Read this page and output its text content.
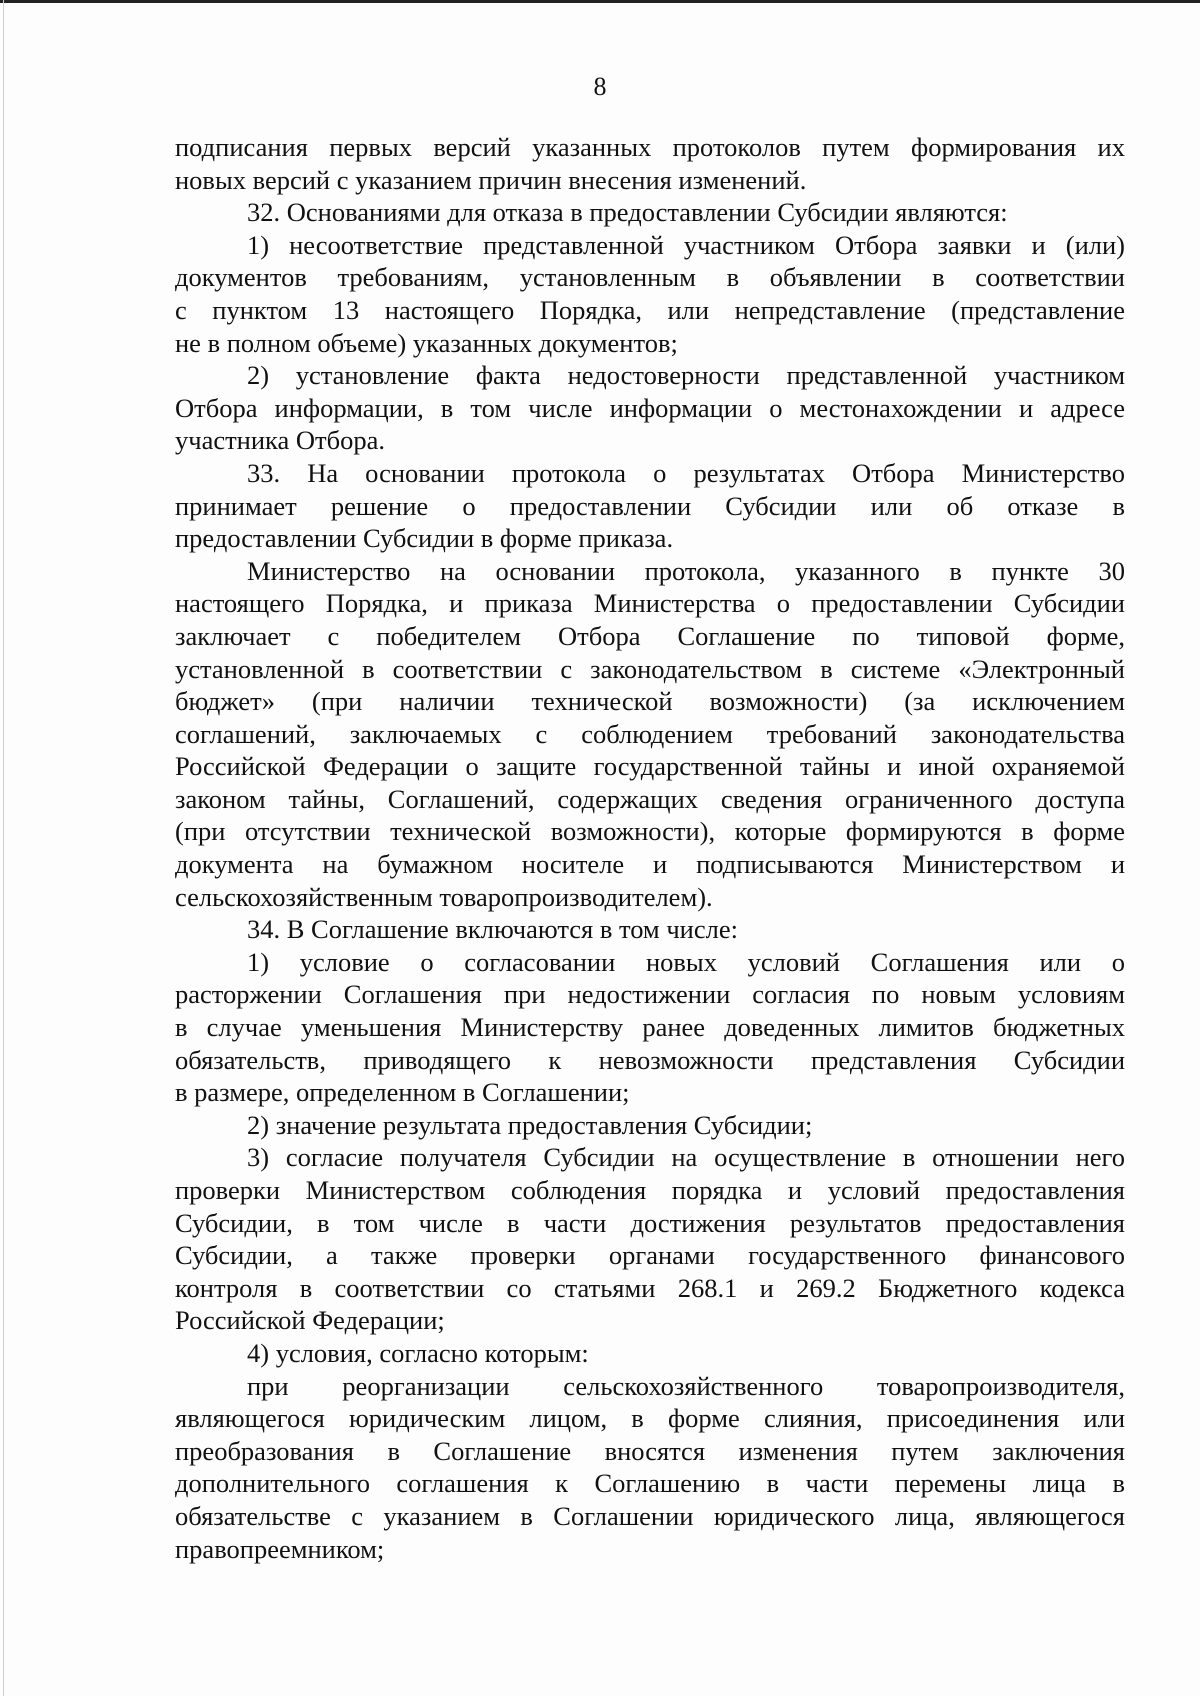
8
подписания первых версий указанных протоколов путем формирования их
новых версий с указанием причин внесения изменений.
32. Основаниями для отказа в предоставлении Субсидии являются:
1) несоответствие представленной участником Отбора заявки и (или)
документов требованиям, установленным в объявлении в соответствии
с пунктом 13 настоящего Порядка, или непредставление (представление
не в полном объеме) указанных документов;
2) установление факта недостоверности представленной участником
Отбора информации, в том числе информации о местонахождении и адресе
участника Отбора.
33. На основании протокола о результатах Отбора Министерство
принимает решение о предоставлении Субсидии или об отказе в
предоставлении Субсидии в форме приказа.
Министерство на основании протокола, указанного в пункте 30
настоящего Порядка, и приказа Министерства о предоставлении Субсидии
заключает с победителем Отбора Соглашение по типовой форме,
установленной в соответствии с законодательством в системе «Электронный
бюджет» (при наличии технической возможности) (за исключением
соглашений, заключаемых с соблюдением требований законодательства
Российской Федерации о защите государственной тайны и иной охраняемой
законом тайны, Соглашений, содержащих сведения ограниченного доступа
(при отсутствии технической возможности), которые формируются в форме
документа на бумажном носителе и подписываются Министерством и
сельскохозяйственным товаропроизводителем).
34. В Соглашение включаются в том числе:
1) условие о согласовании новых условий Соглашения или о
расторжении Соглашения при недостижении согласия по новым условиям
в случае уменьшения Министерству ранее доведенных лимитов бюджетных
обязательств, приводящего к невозможности представления Субсидии
в размере, определенном в Соглашении;
2) значение результата предоставления Субсидии;
3) согласие получателя Субсидии на осуществление в отношении него
проверки Министерством соблюдения порядка и условий предоставления
Субсидии, в том числе в части достижения результатов предоставления
Субсидии, а также проверки органами государственного финансового
контроля в соответствии со статьями 268.1 и 269.2 Бюджетного кодекса
Российской Федерации;
4) условия, согласно которым:
при реорганизации сельскохозяйственного товаропроизводителя,
являющегося юридическим лицом, в форме слияния, присоединения или
преобразования в Соглашение вносятся изменения путем заключения
дополнительного соглашения к Соглашению в части перемены лица в
обязательстве с указанием в Соглашении юридического лица, являющегося
правопреемником;
